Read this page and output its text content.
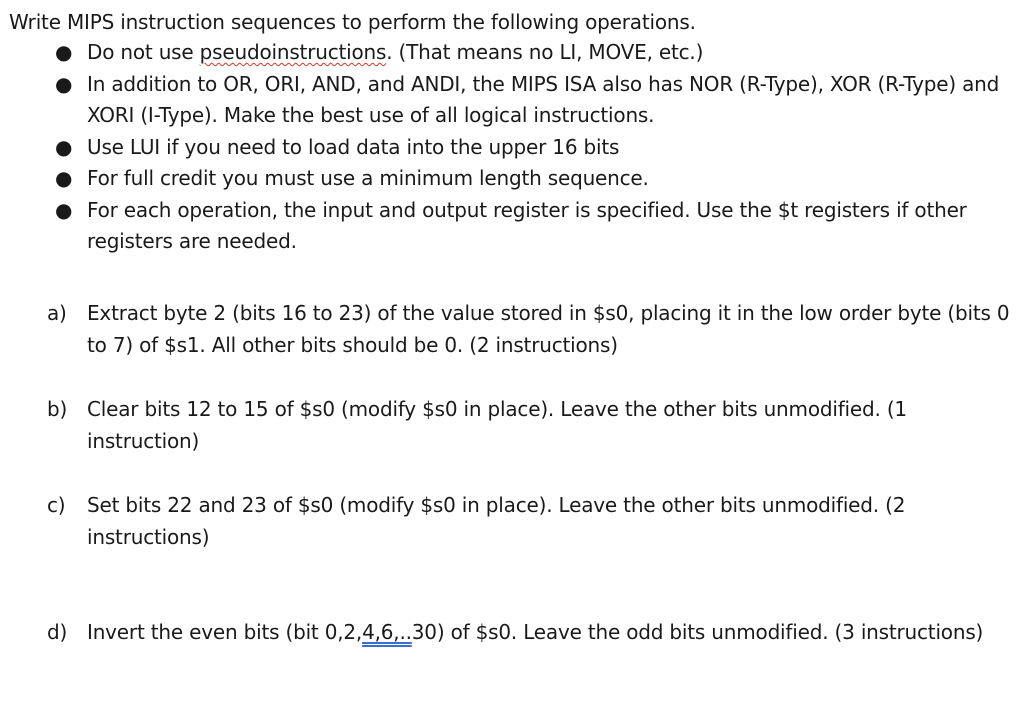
Write MIPS instruction sequences to perform the following operations.
● Do not use pseudoinstructions. (That means no LI, MOVE, etc.)
● In addition to OR, ORI, AND, and ANDI, the MIPS ISA also has NOR (R-Type), XOR (R-Type) and XORI (I-Type). Make the best use of all logical instructions.
● Use LUI if you need to load data into the upper 16 bits
● For full credit you must use a minimum length sequence.
● For each operation, the input and output register is specified. Use the $t registers if other registers are needed.
a) Extract byte 2 (bits 16 to 23) of the value stored in $s0, placing it in the low order byte (bits 0 to 7) of $s1. All other bits should be 0. (2 instructions)
b) Clear bits 12 to 15 of $s0 (modify $s0 in place). Leave the other bits unmodified. (1 instruction)
c) Set bits 22 and 23 of $s0 (modify $s0 in place). Leave the other bits unmodified. (2 instructions)
d) Invert the even bits (bit 0,2,4,6,..30) of $s0. Leave the odd bits unmodified. (3 instructions)
